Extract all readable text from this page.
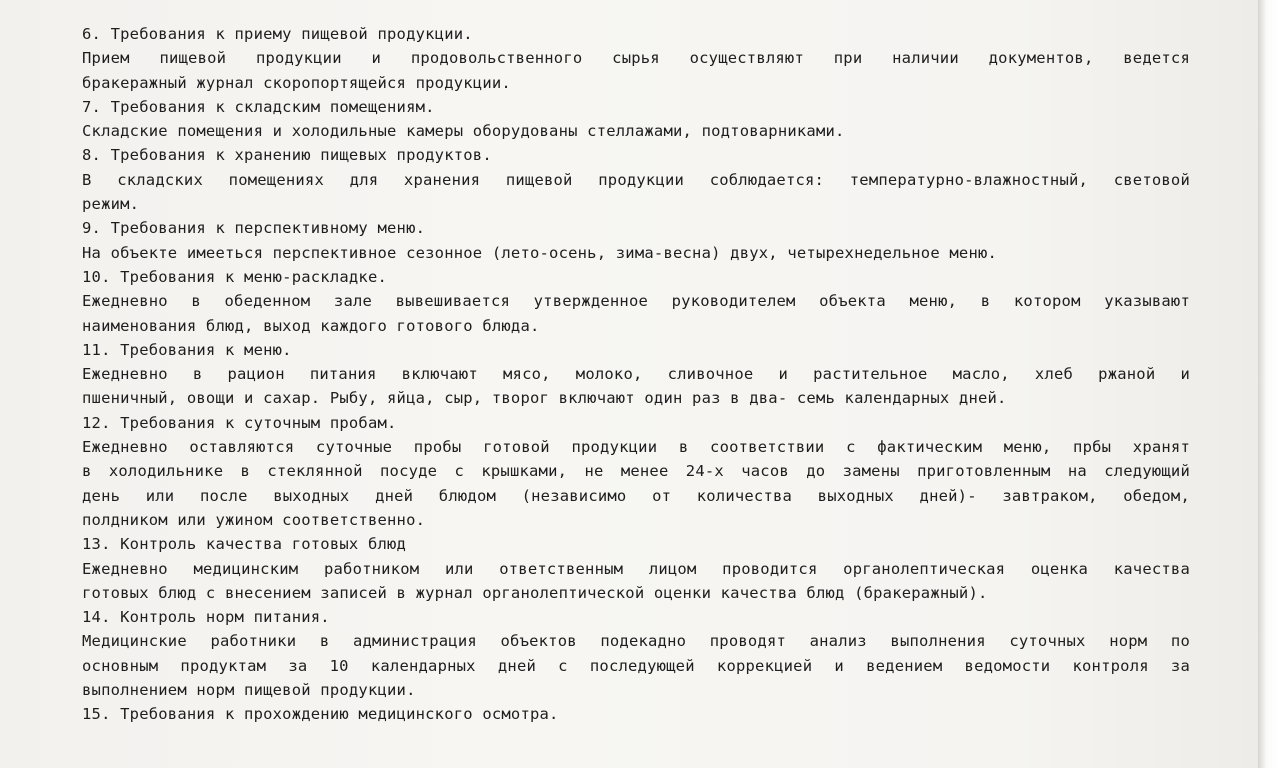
6. Требования к приему пищевой продукции.
Прием пищевой продукции и продовольственного сырья осуществляют при наличии документов, ведется
бракеражный журнал скоропортящейся продукции.
7. Требования к складским помещениям.
Складские помещения и холодильные камеры оборудованы стеллажами, подтоварниками.
8. Требования к хранению пищевых продуктов.
В складских помещениях для хранения пищевой продукции соблюдается: температурно-влажностный, световой
режим.
9. Требования к перспективному меню.
На объекте имееться перспективное сезонное (лето-осень, зима-весна) двух, четырехнедельное меню.
10. Требования к меню-раскладке.
Ежедневно в обеденном зале вывешивается утвержденное руководителем объекта меню, в котором указывают
наименования блюд, выход каждого готового блюда.
11. Требования к меню.
Ежедневно в рацион питания включают мясо, молоко, сливочное и растительное масло, хлеб ржаной и
пшеничный, овощи и сахар. Рыбу, яйца, сыр, творог включают один раз в два- семь календарных дней.
12. Требования к суточным пробам.
Ежедневно оставляются суточные пробы готовой продукции в соответствии с фактическим меню, прбы хранят
в холодильнике в стеклянной посуде с крышками, не менее 24-х часов до замены приготовленным на следующий
день или после выходных дней блюдом (независимо от количества выходных дней)- завтраком, обедом,
полдником или ужином соответственно.
13. Контроль качества готовых блюд
Ежедневно медицинским работником или ответственным лицом проводится органолептическая оценка качества
готовых блюд с внесением записей в журнал органолептической оценки качества блюд (бракеражный).
14. Контроль норм питания.
Медицинские работники в администрация объектов подекадно проводят анализ выполнения суточных норм по
основным продуктам за 10 календарных дней с последующей коррекцией и ведением ведомости контроля за
выполнением норм пищевой продукции.
15. Требования к прохождению медицинского осмотра.
